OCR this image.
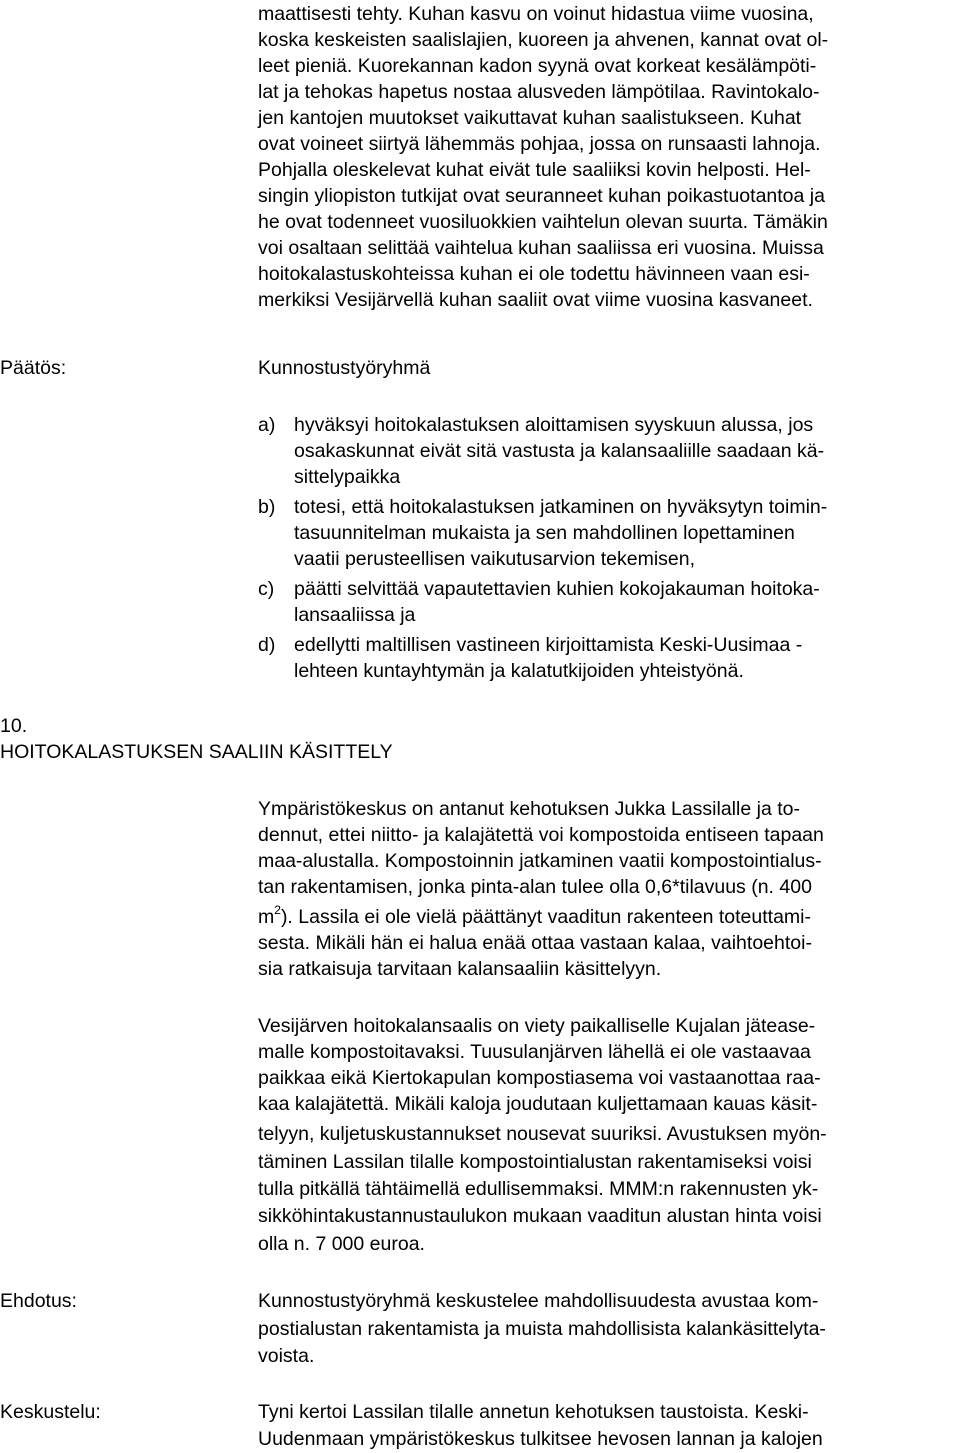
maattisesti tehty. Kuhan kasvu on voinut hidastua viime vuosina,
koska keskeisten saalislajien, kuoreen ja ahvenen, kannat ovat ol-
leet pieniä. Kuorekannan kadon syynä ovat korkeat kesälämpöti-
lat ja tehokas hapetus nostaa alusveden lämpötilaa. Ravintokalo-
jen kantojen muutokset vaikuttavat kuhan saalistukseen. Kuhat
ovat voineet siirtyä lähemmäs pohjaa, jossa on runsaasti lahnoja.
Pohjalla oleskelevat kuhat eivät tule saaliiksi kovin helposti. Hel-
singin yliopiston tutkijat ovat seuranneet kuhan poikastuotantoa ja
he ovat todenneet vuosiluokkien vaihtelun olevan suurta. Tämäkin
voi osaltaan selittää vaihtelua kuhan saaliissa eri vuosina. Muissa
hoitokalastuskohteissa kuhan ei ole todettu hävinneen vaan esi-
merkiksi Vesijärvellä kuhan saaliit ovat viime vuosina kasvaneet.
Päätös:	Kunnostustyöryhmä
a) hyväksyi hoitokalastuksen aloittamisen syyskuun alussa, jos
osakaskunnat eivät sitä vastusta ja kalansaaliille saadaan kä-
sittelypaikka
b) totesi, että hoitokalastuksen jatkaminen on hyväksytyn toimin-
tasuunnitelman mukaista ja sen mahdollinen lopettaminen
vaatii perusteellisen vaikutusarvion tekemisen,
c) päätti selvittää vapautettavien kuhien kokojakauman hoitoka-
lansaaliissa ja
d) edellytti maltillisen vastineen kirjoittamista Keski-Uusimaa -
lehteen kuntayhtymän ja kalatutkijoiden yhteistyönä.
10.
HOITOKALASTUKSEN SAALIIN KÄSITTELY
Ympäristökeskus on antanut kehotuksen Jukka Lassilalle ja to-
dennut, ettei niitto- ja kalajätettä voi kompostoida entiseen tapaan
maa-alustalla. Kompostoinnin jatkaminen vaatii kompostointialus-
tan rakentamisen, jonka pinta-alan tulee olla 0,6*tilavuus (n. 400
$m^2$). Lassila ei ole vielä päättänyt vaaditun rakenteen toteuttami-
sesta. Mikäli hän ei halua enää ottaa vastaan kalaa, vaihtoehtoi-
sia ratkaisuja tarvitaan kalansaaliin käsittelyyn.
Vesijärven hoitokalansaalis on viety paikalliselle Kujalan jätease-
malle kompostoitavaksi. Tuusulanjärven lähellä ei ole vastaavaa
paikkaa eikä Kiertokapulan kompostiasema voi vastaanottaa raa-
kaa kalajätettä. Mikäli kaloja joudutaan kuljettamaan kauas käsit-
telyyn, kuljetuskustannukset nousevat suuriksi. Avustuksen myön-
täminen Lassilan tilalle kompostointialustan rakentamiseksi voisi
tulla pitkällä tähtäimellä edullisemmaksi. MMM:n rakennusten yk-
sikköhintakustannustaulukon mukaan vaaditun alustan hinta voisi
olla n. 7 000 euroa.
Ehdotus:	Kunnostustyöryhmä keskustelee mahdollisuudesta avustaa kom-
postialustan rakentamista ja muista mahdollisista kalankäsittelyta-
voista.
Keskustelu:	Tyni kertoi Lassilan tilalle annetun kehotuksen taustoista. Keski-
Uudenmaan ympäristökeskus tulkitsee hevosen lannan ja kalojen
